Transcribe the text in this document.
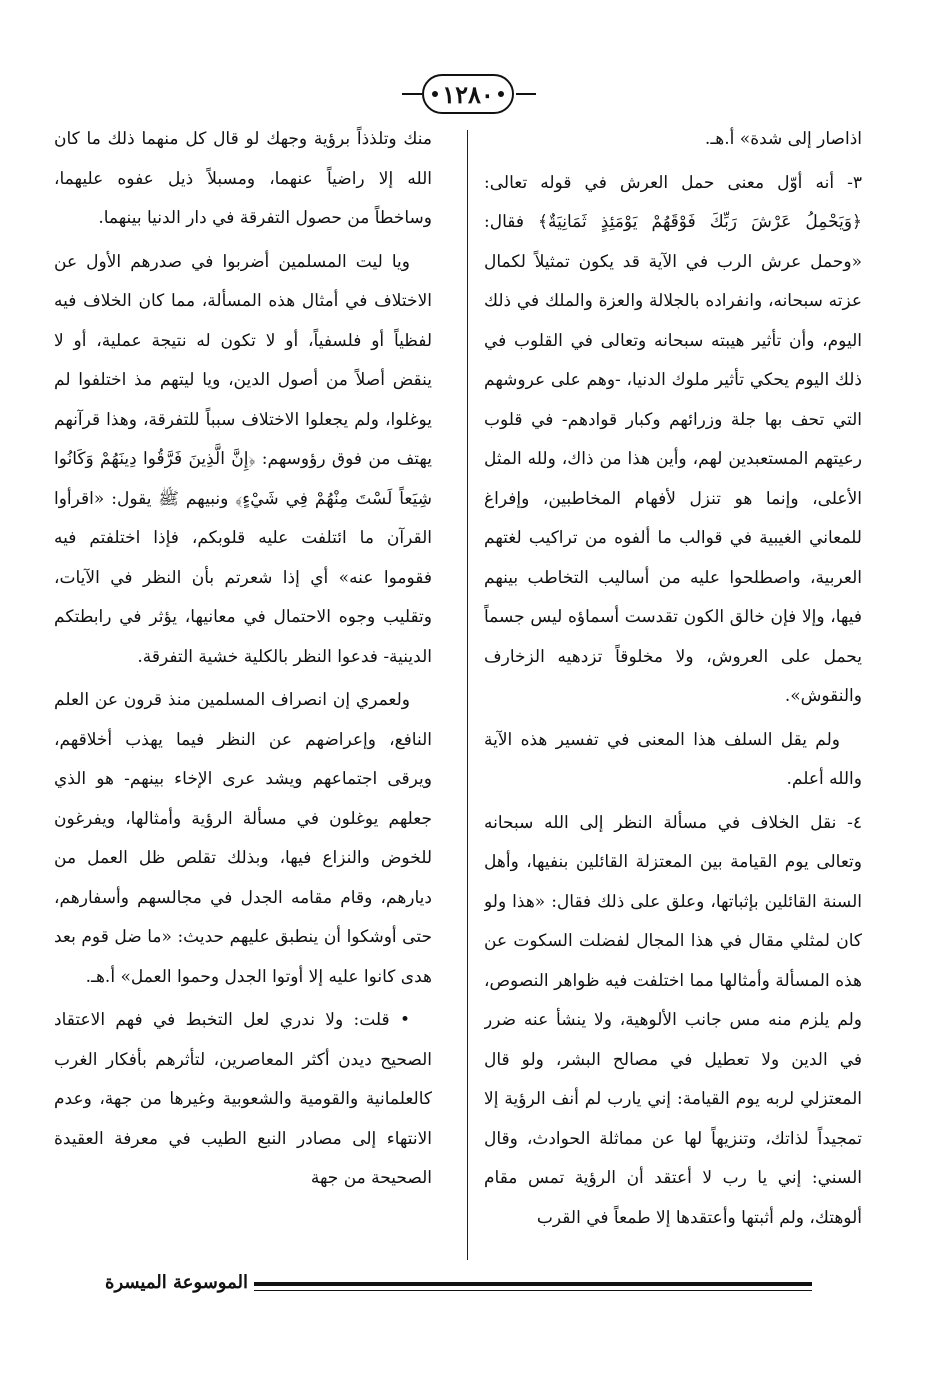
١٢٨٠

اذاصار إلى شدة» أ.هـ.

٣- أنه أوّل معنى حمل العرش في قوله تعالى: ﴿وَيَحْمِلُ عَرْشَ رَبِّكَ فَوْقَهُمْ يَوْمَئِذٍ ثَمَانِيَةٌ﴾ فقال: «وحمل عرش الرب في الآية قد يكون تمثيلاً لكمال عزته سبحانه، وانفراده بالجلالة والعزة والملك في ذلك اليوم، وأن تأثير هيبته سبحانه وتعالى في القلوب في ذلك اليوم يحكي تأثير ملوك الدنيا، -وهم على عروشهم التي تحف بها جلة وزرائهم وكبار قوادهم- في قلوب رعيتهم المستعبدين لهم، وأين هذا من ذاك، ولله المثل الأعلى، وإنما هو تنزل لأفهام المخاطبين، وإفراغ للمعاني الغيبية في قوالب ما ألفوه من تراكيب لغتهم العربية، واصطلحوا عليه من أساليب التخاطب بينهم فيها، وإلا فإن خالق الكون تقدست أسماؤه ليس جسماً يحمل على العروش، ولا مخلوقاً تزدهيه الزخارف والنقوش».

ولم يقل السلف هذا المعنى في تفسير هذه الآية والله أعلم.

٤- نقل الخلاف في مسألة النظر إلى الله سبحانه وتعالى يوم القيامة بين المعتزلة القائلين بنفيها، وأهل السنة القائلين بإثباتها، وعلق على ذلك فقال: «هذا ولو كان لمثلي مقال في هذا المجال لفضلت السكوت عن هذه المسألة وأمثالها مما اختلفت فيه ظواهر النصوص، ولم يلزم منه مس جانب الألوهية، ولا ينشأ عنه ضرر في الدين ولا تعطيل في مصالح البشر، ولو قال المعتزلي لربه يوم القيامة: إني يارب لم أنف الرؤية إلا تمجيداً لذاتك، وتنزيهاً لها عن مماثلة الحوادث، وقال السني: إني يا رب لا أعتقد أن الرؤية تمس مقام ألوهتك، ولم أثبتها وأعتقدها إلا طمعاً في القرب

منك وتلذذاً برؤية وجهك لو قال كل منهما ذلك ما كان الله إلا راضياً عنهما، ومسبلاً ذيل عفوه عليهما، وساخطاً من حصول التفرقة في دار الدنيا بينهما.

ويا ليت المسلمين أضربوا في صدرهم الأول عن الاختلاف في أمثال هذه المسألة، مما كان الخلاف فيه لفظياً أو فلسفياً، أو لا تكون له نتيجة عملية، أو لا ينقض أصلاً من أصول الدين، ويا ليتهم مذ اختلفوا لم يوغلوا، ولم يجعلوا الاختلاف سبباً للتفرقة، وهذا قرآنهم يهتف من فوق رؤوسهم: ﴿إِنَّ الَّذِينَ فَرَّقُوا دِينَهُمْ وَكَانُوا شِيَعاً لَسْتَ مِنْهُمْ فِي شَيْءٍ﴾ ونبيهم ﷺ يقول: «اقرأوا القرآن ما ائتلفت عليه قلوبكم، فإذا اختلفتم فيه فقوموا عنه» أي إذا شعرتم بأن النظر في الآيات، وتقليب وجوه الاحتمال في معانيها، يؤثر في رابطتكم الدينية- فدعوا النظر بالكلية خشية التفرقة.

ولعمري إن انصراف المسلمين منذ قرون عن العلم النافع، وإعراضهم عن النظر فيما يهذب أخلاقهم، ويرقى اجتماعهم ويشد عرى الإخاء بينهم- هو الذي جعلهم يوغلون في مسألة الرؤية وأمثالها، ويفرغون للخوض والنزاع فيها، وبذلك تقلص ظل العمل من ديارهم، وقام مقامه الجدل في مجالسهم وأسفارهم، حتى أوشكوا أن ينطبق عليهم حديث: «ما ضل قوم بعد هدى كانوا عليه إلا أوتوا الجدل وحموا العمل» أ.هـ.

• قلت: ولا ندري لعل التخبط في فهم الاعتقاد الصحيح ديدن أكثر المعاصرين، لتأثرهم بأفكار الغرب كالعلمانية والقومية والشعوبية وغيرها من جهة، وعدم الانتهاء إلى مصادر النبع الطيب في معرفة العقيدة الصحيحة من جهة

الموسوعة الميسرة
